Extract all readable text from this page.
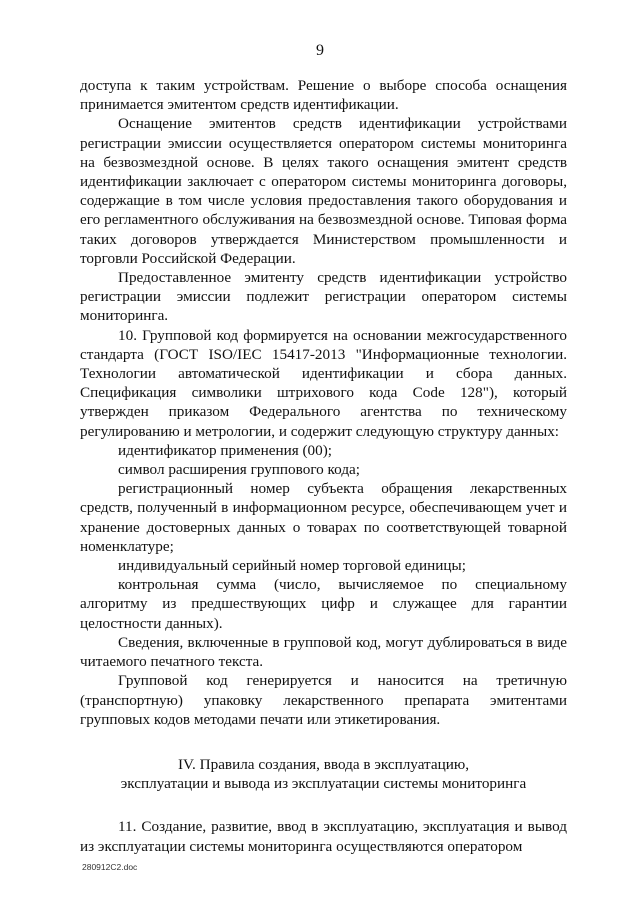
9

доступа к таким устройствам. Решение о выборе способа оснащения принимается эмитентом средств идентификации.

Оснащение эмитентов средств идентификации устройствами регистрации эмиссии осуществляется оператором системы мониторинга на безвозмездной основе. В целях такого оснащения эмитент средств идентификации заключает с оператором системы мониторинга договоры, содержащие в том числе условия предоставления такого оборудования и его регламентного обслуживания на безвозмездной основе. Типовая форма таких договоров утверждается Министерством промышленности и торговли Российской Федерации.

Предоставленное эмитенту средств идентификации устройство регистрации эмиссии подлежит регистрации оператором системы мониторинга.

10. Групповой код формируется на основании межгосударственного стандарта (ГОСТ ISO/IEC 15417-2013 "Информационные технологии. Технологии автоматической идентификации и сбора данных. Спецификация символики штрихового кода Code 128"), который утвержден приказом Федерального агентства по техническому регулированию и метрологии, и содержит следующую структуру данных:

идентификатор применения (00);

символ расширения группового кода;

регистрационный номер субъекта обращения лекарственных средств, полученный в информационном ресурсе, обеспечивающем учет и хранение достоверных данных о товарах по соответствующей товарной номенклатуре;

индивидуальный серийный номер торговой единицы;

контрольная сумма (число, вычисляемое по специальному алгоритму из предшествующих цифр и служащее для гарантии целостности данных).

Сведения, включенные в групповой код, могут дублироваться в виде читаемого печатного текста.

Групповой код генерируется и наносится на третичную (транспортную) упаковку лекарственного препарата эмитентами групповых кодов методами печати или этикетирования.

IV. Правила создания, ввода в эксплуатацию,
эксплуатации и вывода из эксплуатации системы мониторинга

11. Создание, развитие, ввод в эксплуатацию, эксплуатация и вывод из эксплуатации системы мониторинга осуществляются оператором

280912C2.doc
